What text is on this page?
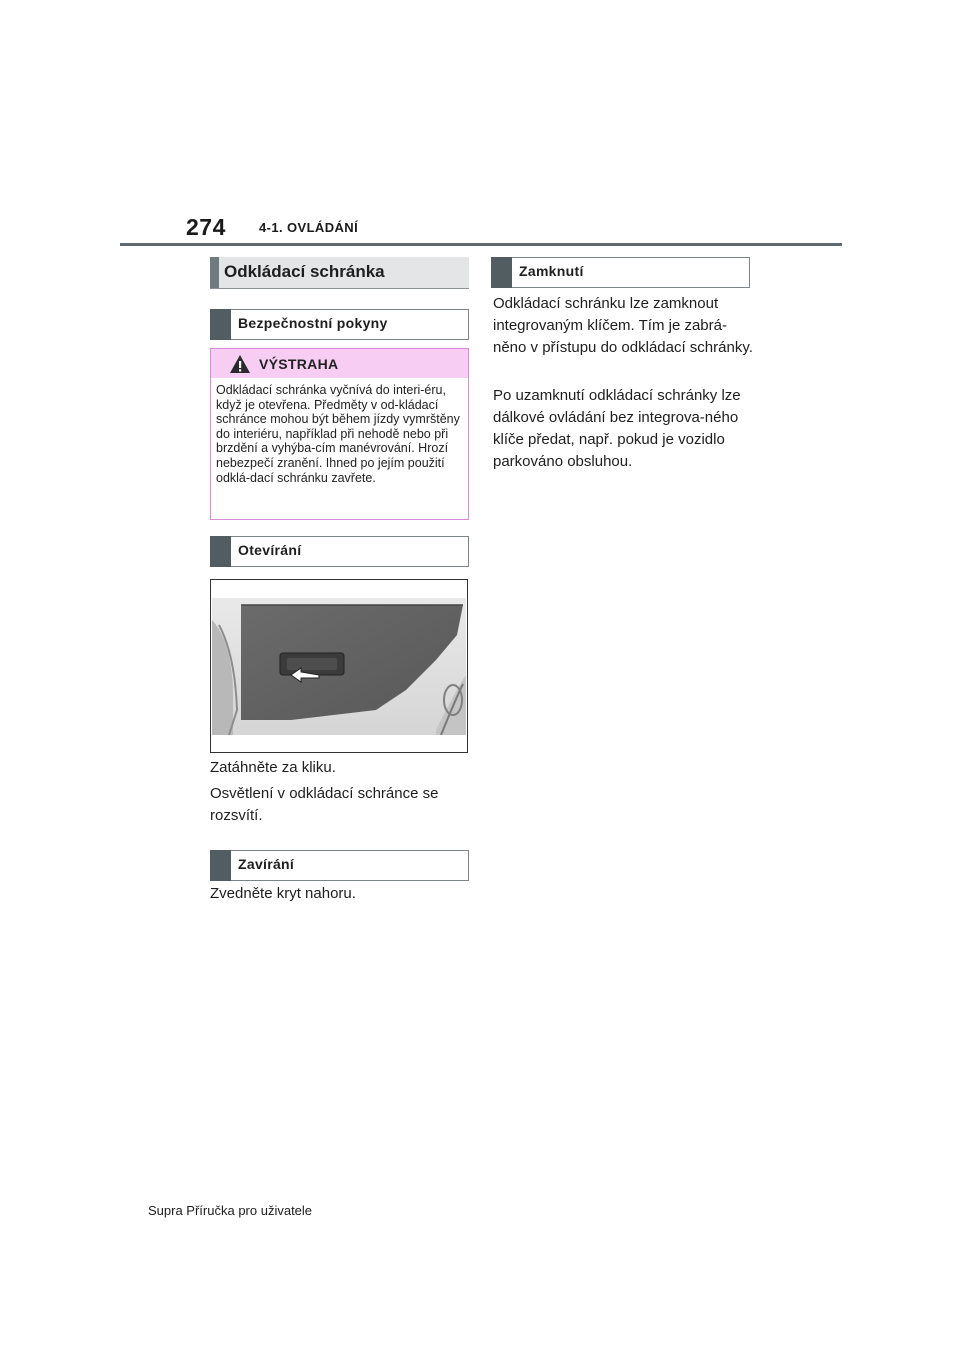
274	4-1. OVLÁDÁNÍ
Odkládací schránka
Bezpečnostní pokyny
VÝSTRAHA
Odkládací schránka vyčnívá do interi-éru, když je otevřena. Předměty v od-kládací schránce mohou být během jízdy vymrštěny do interiéru, například při nehodě nebo při brzdění a vyhýba-cím manévrování. Hrozí nebezpečí zranění. Ihned po jejím použití odklá-dací schránku zavřete.
Otevírání
Zatáhněte za kliku.
Osvětlení v odkládací schránce se rozsvítí.
Zavírání
Zvedněte kryt nahoru.
Zamknutí
Odkládací schránku lze zamknout integrovaným klíčem. Tím je zabrá-něno v přístupu do odkládací schránky.
Po uzamknutí odkládací schránky lze dálkové ovládání bez integrova-ného klíče předat, např. pokud je vozidlo parkováno obsluhou.
Supra Příručka pro uživatele
